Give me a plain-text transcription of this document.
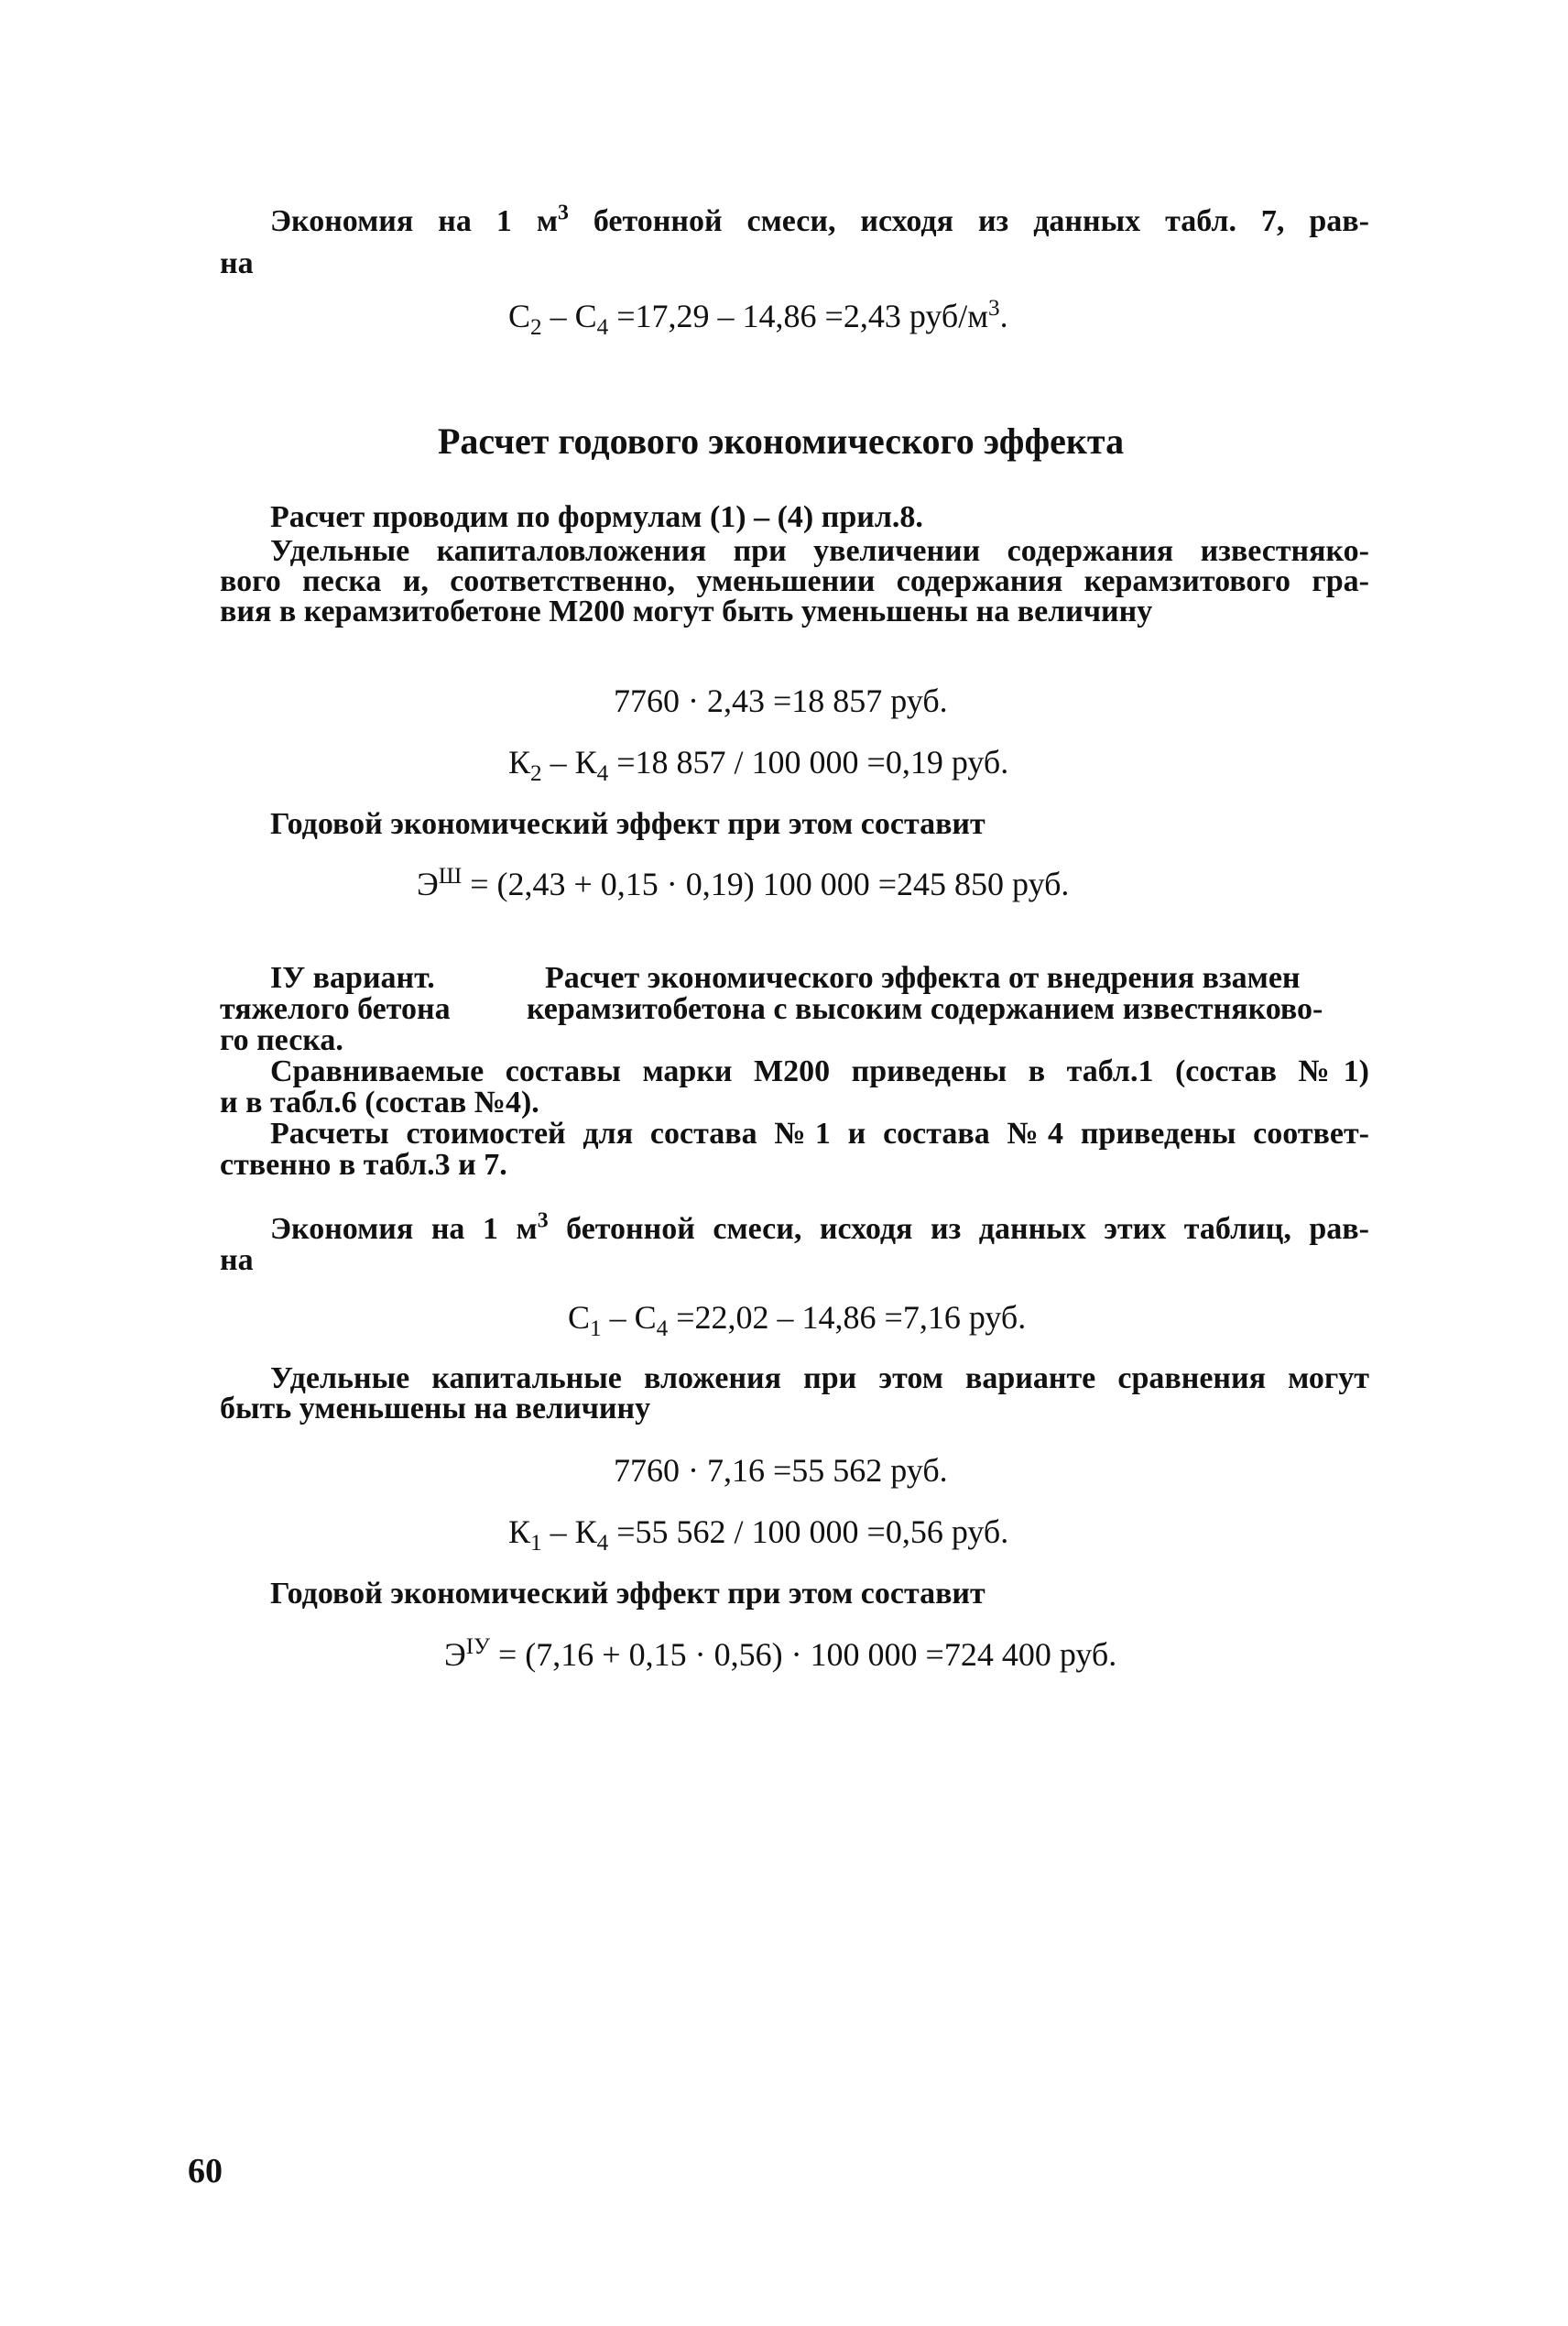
Экономия на 1 $м^3$ бетонной смеси, исходя из данных табл. 7, рав-
на
$С_2 - С_4 =17,29 - 14,86 =2,43$ руб/$м^3$.
Расчет годового экономического эффекта
Расчет проводим по формулам (1) – (4) прил.8.
Удельные капиталовложения при увеличении содержания известняко-
вого песка и, соответственно, уменьшении содержания керамзитового гра-
вия в керамзитобетоне М200 могут быть уменьшены на величину
7760 · 2,43 =18 857 руб.
$К_2 - К_4 =18$ 857 / 100 000 =0,19 руб.
Годовой экономический эффект при этом составит
$Э^Ш = (2,43 + 0,15 \cdot 0,19)$ 100 000 =245 850 руб.
IУ вариант.	Расчет экономического эффекта от внедрения взамен
тяжелого бетона керамзитобетона с высоким содержанием известняково-
го песка.
Сравниваемые составы марки М200 приведены в табл.1 (состав №1)
и в табл.6 (состав №4).
Расчеты стоимостей для состава №1 и состава №4 приведены соответ-
ственно в табл.3 и 7.
Экономия на 1 $м^3$ бетонной смеси, исходя из данных этих таблиц, рав-
на
$С_1 - С_4 =22,02 - 14,86 =7,16$ руб.
Удельные капитальные вложения при этом варианте сравнения могут
быть уменьшены на величину
7760 · 7,16 =55 562 руб.
$К_1 - К_4 =55$ 562 / 100 000 =0,56 руб.
Годовой экономический эффект при этом составит
$Э^{IУ} = (7,16 + 0,15 \cdot 0,56) \cdot 100$ 000 =724 400 руб.
60
